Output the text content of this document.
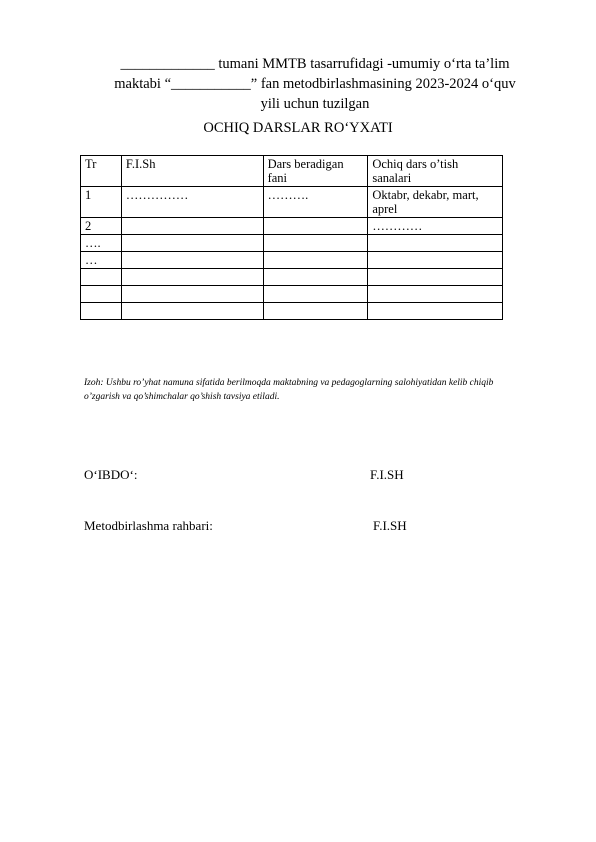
_____________ tumani MMTB tasarrufidagi -umumiy o‘rta ta’lim
maktabi “___________” fan metodbirlashmasining 2023-2024 o‘quv
yili uchun tuzilgan
OCHIQ DARSLAR RO‘YXATI
Tr	F.I.Sh	Dars beradigan fani	Ochiq dars o’tish sanalari
1	……………	……….	Oktabr, dekabr, mart, aprel
2			…………
….			
…			

Izoh: Ushbu ro’yhat namuna sifatida berilmoqda maktabning va pedagoglarning salohiyatidan kelib chiqib o’zgarish va qo’shimchalar qo’shish tavsiya etiladi.
O‘IBDO‘:	F.I.SH
Metodbirlashma rahbari:	F.I.SH
